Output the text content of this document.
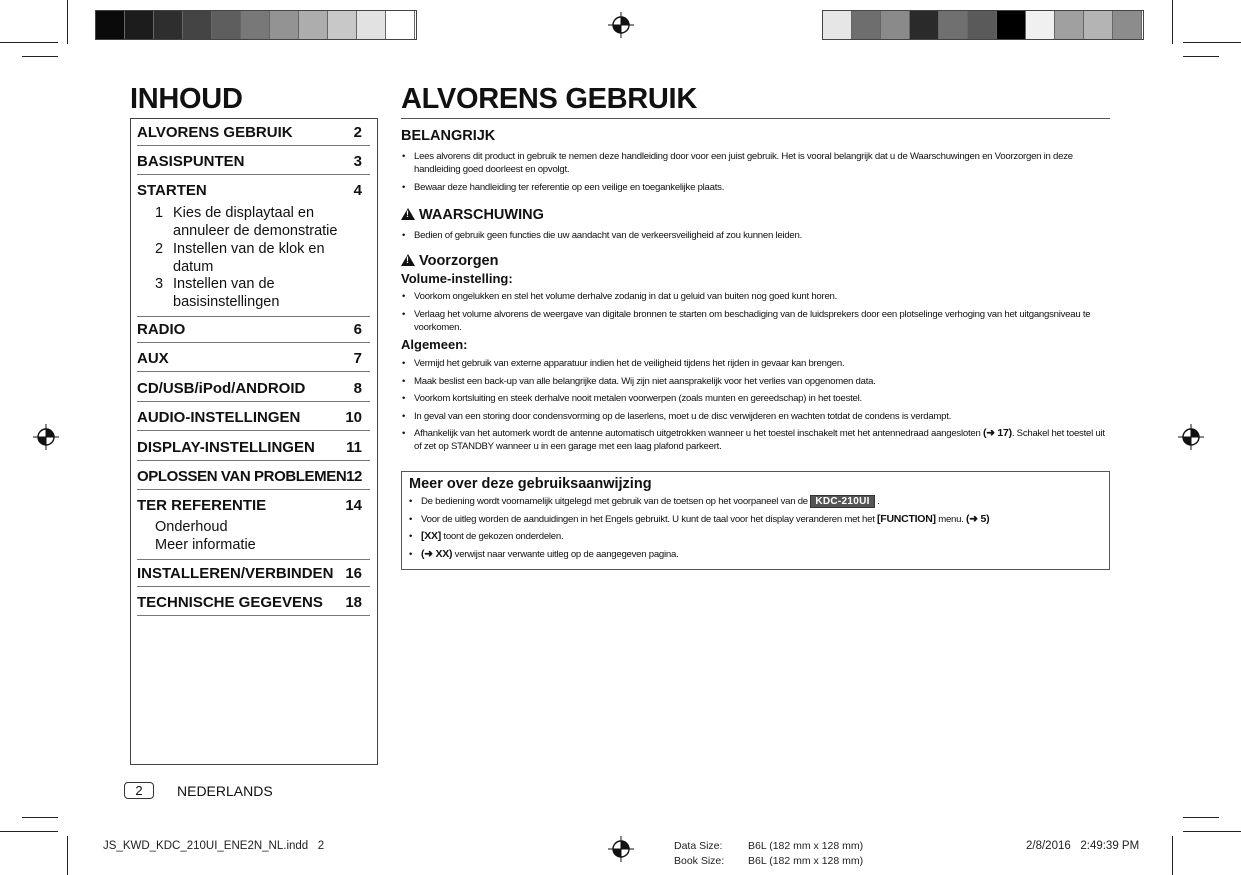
INHOUD	ALVORENS GEBRUIK
ALVORENS GEBRUIK	2
BASISPUNTEN	3
STARTEN	4
1 Kies de displaytaal en annuleer de demonstratie
2 Instellen van de klok en datum
3 Instellen van de basisinstellingen
RADIO	6
AUX	7
CD/USB/iPod/ANDROID	8
AUDIO-INSTELLINGEN	10
DISPLAY-INSTELLINGEN 11
OPLOSSEN VAN PROBLEMEN 12
TER REFERENTIE	14
Onderhoud
Meer informatie
INSTALLEREN/VERBINDEN 16
TECHNISCHE GEGEVENS 18
BELANGRIJK
• Lees alvorens dit product in gebruik te nemen deze handleiding door voor een juist gebruik. Het is vooral belangrijk dat u de Waarschuwingen en Voorzorgen in deze handleiding goed doorleest en opvolgt.
• Bewaar deze handleiding ter referentie op een veilige en toegankelijke plaats.
!WAARSCHUWING
• Bedien of gebruik geen functies die uw aandacht van de verkeersveiligheid af zou kunnen leiden.
!Voorzorgen
Volume-instelling:
• Voorkom ongelukken en stel het volume derhalve zodanig in dat u geluid van buiten nog goed kunt horen.
• Verlaag het volume alvorens de weergave van digitale bronnen te starten om beschadiging van de luidsprekers door een plotselinge verhoging van het uitgangsniveau te voorkomen.
Algemeen:
• Vermijd het gebruik van externe apparatuur indien het de veiligheid tijdens het rijden in gevaar kan brengen.
• Maak beslist een back-up van alle belangrijke data. Wij zijn niet aansprakelijk voor het verlies van opgenomen data.
• Voorkom kortsluiting en steek derhalve nooit metalen voorwerpen (zoals munten en gereedschap) in het toestel.
• In geval van een storing door condensvorming op de laserlens, moet u de disc verwijderen en wachten totdat de condens is verdampt.
• Afhankelijk van het automerk wordt de antenne automatisch uitgetrokken wanneer u het toestel inschakelt met het antennedraad aangesloten (➜ 17). Schakel het toestel uit of zet op STANDBY wanneer u in een garage met een laag plafond parkeert.
Meer over deze gebruiksaanwijzing
• De bediening wordt voornamelijk uitgelegd met gebruik van de toetsen op het voorpaneel van de KDC-210UI .
• Voor de uitleg worden de aanduidingen in het Engels gebruikt. U kunt de taal voor het display veranderen met het [FUNCTION] menu. (➜ 5)
• [XX] toont de gekozen onderdelen.
• (➜ XX) verwijst naar verwante uitleg op de aangegeven pagina.
2	NEDERLANDS
JS_KWD_KDC_210UI_ENE2N_NL.indd   2	Data Size: B6L (182 mm x 128 mm)
Book Size: B6L (182 mm x 128 mm)
2/8/2016   2:49:39 PM
